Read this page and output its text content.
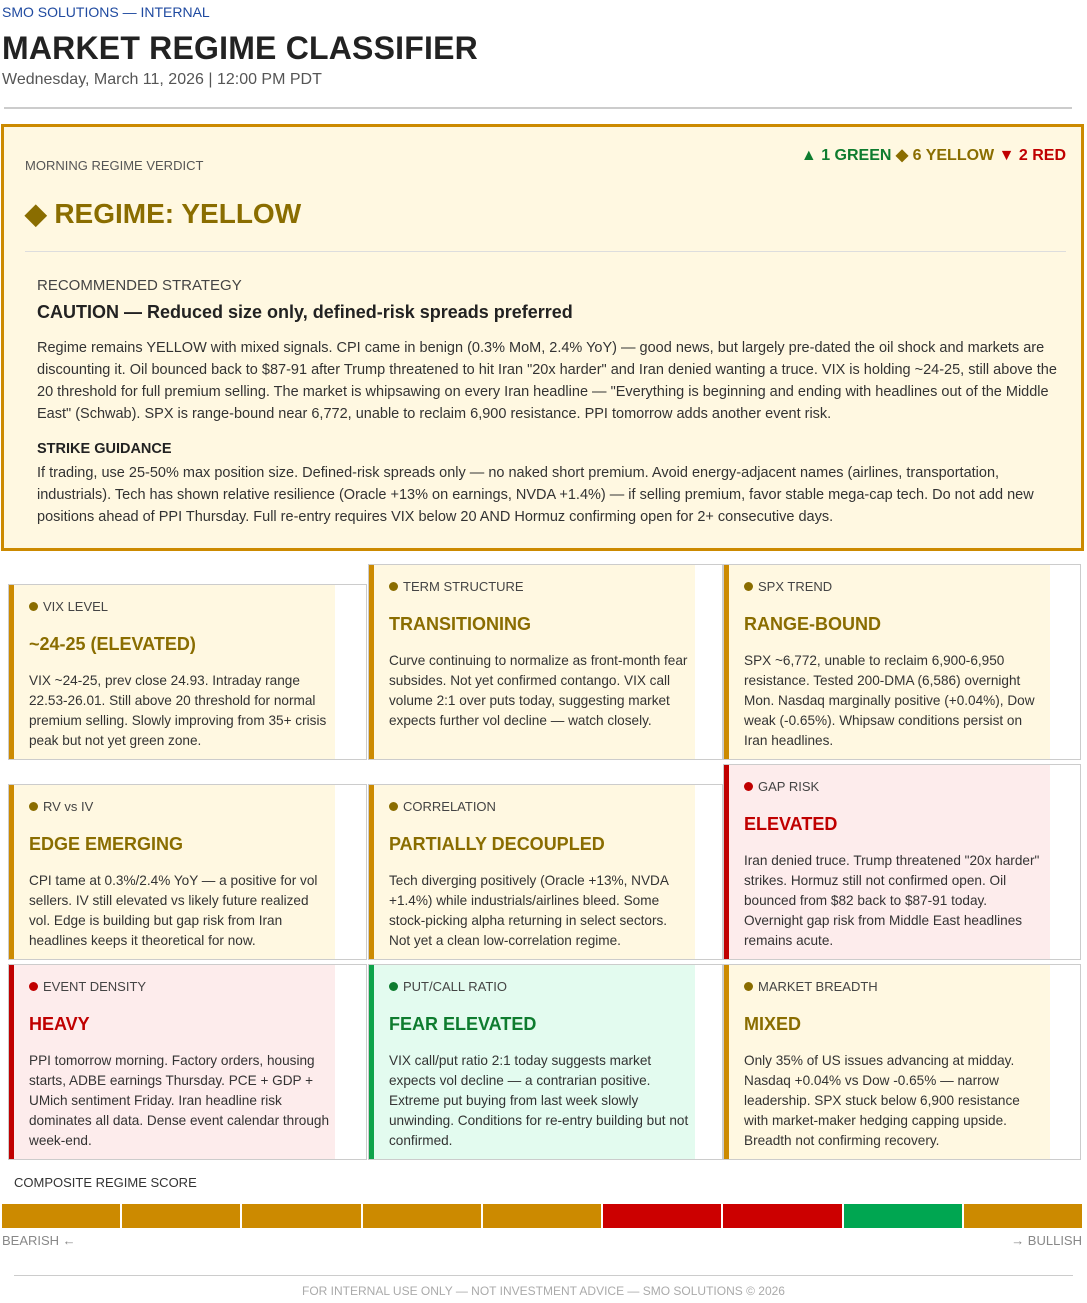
SMO SOLUTIONS — INTERNAL
MARKET REGIME CLASSIFIER
Wednesday, March 11, 2026 | 12:00 PM PDT
MORNING REGIME VERDICT
▲ 1 GREEN ◆ 6 YELLOW ▼ 2 RED
◆ REGIME: YELLOW
RECOMMENDED STRATEGY
CAUTION — Reduced size only, defined-risk spreads preferred
Regime remains YELLOW with mixed signals. CPI came in benign (0.3% MoM, 2.4% YoY) — good news, but largely pre-dated the oil shock and markets are discounting it. Oil bounced back to $87-91 after Trump threatened to hit Iran "20x harder" and Iran denied wanting a truce. VIX is holding ~24-25, still above the 20 threshold for full premium selling. The market is whipsawing on every Iran headline — "Everything is beginning and ending with headlines out of the Middle East" (Schwab). SPX is range-bound near 6,772, unable to reclaim 6,900 resistance. PPI tomorrow adds another event risk.
STRIKE GUIDANCE
If trading, use 25-50% max position size. Defined-risk spreads only — no naked short premium. Avoid energy-adjacent names (airlines, transportation, industrials). Tech has shown relative resilience (Oracle +13% on earnings, NVDA +1.4%) — if selling premium, favor stable mega-cap tech. Do not add new positions ahead of PPI Thursday. Full re-entry requires VIX below 20 AND Hormuz confirming open for 2+ consecutive days.
VIX LEVEL
~24-25 (ELEVATED)
VIX ~24-25, prev close 24.93. Intraday range 22.53-26.01. Still above 20 threshold for normal premium selling. Slowly improving from 35+ crisis peak but not yet green zone.
TERM STRUCTURE
TRANSITIONING
Curve continuing to normalize as front-month fear subsides. Not yet confirmed contango. VIX call volume 2:1 over puts today, suggesting market expects further vol decline — watch closely.
SPX TREND
RANGE-BOUND
SPX ~6,772, unable to reclaim 6,900-6,950 resistance. Tested 200-DMA (6,586) overnight Mon. Nasdaq marginally positive (+0.04%), Dow weak (-0.65%). Whipsaw conditions persist on Iran headlines.
RV vs IV
EDGE EMERGING
CPI tame at 0.3%/2.4% YoY — a positive for vol sellers. IV still elevated vs likely future realized vol. Edge is building but gap risk from Iran headlines keeps it theoretical for now.
CORRELATION
PARTIALLY DECOUPLED
Tech diverging positively (Oracle +13%, NVDA +1.4%) while industrials/airlines bleed. Some stock-picking alpha returning in select sectors. Not yet a clean low-correlation regime.
GAP RISK
ELEVATED
Iran denied truce. Trump threatened "20x harder" strikes. Hormuz still not confirmed open. Oil bounced from $82 back to $87-91 today. Overnight gap risk from Middle East headlines remains acute.
EVENT DENSITY
HEAVY
PPI tomorrow morning. Factory orders, housing starts, ADBE earnings Thursday. PCE + GDP + UMich sentiment Friday. Iran headline risk dominates all data. Dense event calendar through week-end.
PUT/CALL RATIO
FEAR ELEVATED
VIX call/put ratio 2:1 today suggests market expects vol decline — a contrarian positive. Extreme put buying from last week slowly unwinding. Conditions for re-entry building but not confirmed.
MARKET BREADTH
MIXED
Only 35% of US issues advancing at midday. Nasdaq +0.04% vs Dow -0.65% — narrow leadership. SPX stuck below 6,900 resistance with market-maker hedging capping upside. Breadth not confirming recovery.
COMPOSITE REGIME SCORE
BEARISH ←	→ BULLISH
FOR INTERNAL USE ONLY — NOT INVESTMENT ADVICE — SMO SOLUTIONS © 2026
